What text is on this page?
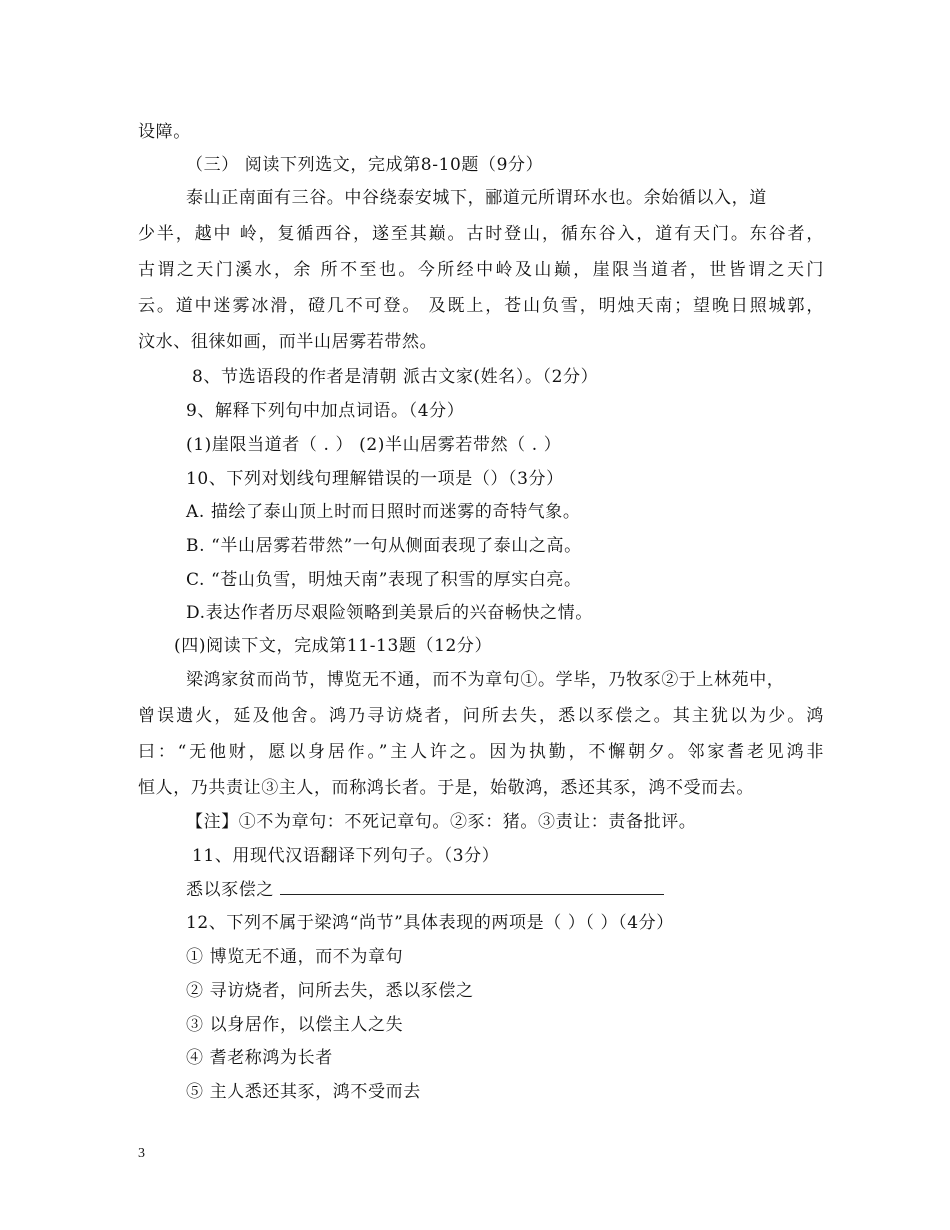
设障。
（三） 阅读下列选文，完成第8-10题（9分）
泰山正南面有三谷。中谷绕泰安城下，郦道元所谓环水也。余始循以入，道
少半，越中 岭，复循西谷，遂至其巅。古时登山，循东谷入，道有天门。东谷者，
古谓之天门溪水，余 所不至也。今所经中岭及山巅，崖限当道者，世皆谓之天门
云。道中迷雾冰滑，磴几不可登。 及既上，苍山负雪，明烛天南；望晚日照城郭，
汶水、徂徕如画，而半山居雾若带然。
8、节选语段的作者是清朝 派古文家(姓名）。（2分）
9、解释下列句中加点词语。（4分）
(1)崖限当道者（ . ） (2)半山居雾若带然（ . ）
10、下列对划线句理解错误的一项是（）（3分）
A. 描绘了泰山顶上时而日照时而迷雾的奇特气象。
B. “半山居雾若带然”一句从侧面表现了泰山之高。
C. “苍山负雪，明烛天南”表现了积雪的厚实白亮。
D.表达作者历尽艰险领略到美景后的兴奋畅快之情。
(四)阅读下文，完成第11-13题（12分）
梁鸿家贫而尚节，博览无不通，而不为章句①。学毕，乃牧豕②于上林苑中，
曾误遗火，延及他舍。鸿乃寻访烧者，问所去失，悉以豕偿之。其主犹以为少。鸿
曰：“无他财，愿以身居作。”主人许之。因为执勤，不懈朝夕。邻家耆老见鸿非
恒人，乃共责让③主人，而称鸿长者。于是，始敬鸿，悉还其豕，鸿不受而去。
【注】①不为章句：不死记章句。②豕：猪。③责让：责备批评。
11、用现代汉语翻译下列句子。（3分）
悉以豕偿之
12、下列不属于梁鸿“尚节”具体表现的两项是（ ）（ ）（4分）
① 博览无不通，而不为章句
② 寻访烧者，问所去失，悉以豕偿之
③ 以身居作，以偿主人之失
④ 耆老称鸿为长者
⑤ 主人悉还其豕，鸿不受而去
3
